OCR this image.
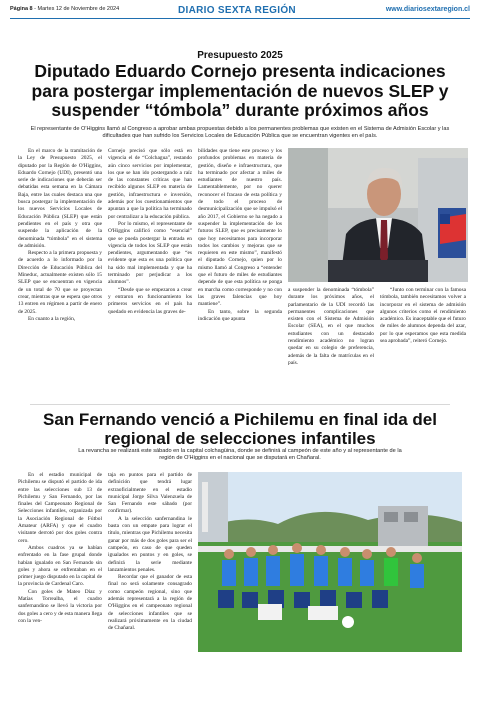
Página 8 - Martes 12 de Noviembre de 2024	DIARIO SEXTA REGIÓN	www.diariosextaregion.cl
Presupuesto 2025
Diputado Eduardo Cornejo presenta indicaciones para postergar implementación de nuevos SLEP y suspender “tómbola” durante próximos años
El representante de O'Higgins llamó al Congreso a aprobar ambas propuestas debido a los permanentes problemas que existen en el Sistema de Admisión Escolar y las dificultades que han sufrido los Servicios Locales de Educación Pública que se encuentran vigentes en el país.

En el marco de la tramitación de la Ley de Presupuesto 2025, el diputado por la Región de O'Higgins, Eduardo Cornejo (UDI), presentó una serie de indicaciones que deberán ser debatidas esta semana en la Cámara Baja, entre las cuales destaca una que busca postergar la implementación de los nuevos Servicios Locales de Educación Pública (SLEP) que están pendientes en el país y otra que suspende la aplicación de la denominada “tómbola” en el sistema de admisión.

Respecto a la primera propuesta y de acuerdo a lo informado por la Dirección de Educación Pública del Mineduc, actualmente existen sólo 15 SLEP que se encuentran en vigencia de un total de 70 que se proyectan crear, mientras que se espera que otros 13 entren en régimen a partir de enero de 2025.

En cuanto a la región,

Cornejo precisó que sólo está en vigencia el de “Colchagua”, restando aún cinco servicios por implementar, los que se han ido postergando a raíz de las constantes críticas que han recibido algunos SLEP en materia de gestión, infraestructura e inversión, además por los cuestionamientos que apuntan a que la política ha terminado por centralizar a la educación pública.

Por lo mismo, el representante de O'Higgins calificó como “esencial” que se pueda postergar la entrada en vigencia de todos los SLEP que están pendientes, argumentando que “es evidente que esta es una política que ha sido mal implementada y que ha terminado por perjudicar a los alumnos”.

“Desde que se empezaron a crear y entraron en funcionamiento los primeros servicios en el país ha quedado en evidencia las graves de-

bilidades que tiene este proceso y los profundos problemas en materia de gestión, diseño e infraestructura, que ha terminado por afectar a miles de estudiantes de nuestro país. Lamentablemente, por no querer reconocer el fracaso de esta política y de todo el proceso de desmunicipalización que se impulsó el año 2017, el Gobierno se ha negado a suspender la implementación de los futuros SLEP, que es precisamente lo que hoy necesitamos para incorporar todos los cambios y mejoras que se requieren en este mismo”, manifestó el diputado Cornejo, quien por lo mismo llamó al Congreso a “entender que el futuro de miles de estudiantes depende de que esta política se ponga en marcha como corresponde y no con las graves falencias que hoy mantiene”.

En tanto, sobre la segunda indicación que apunta

a suspender la denominada “tómbola” durante los próximos años, el parlamentario de la UDI recordó las permanentes complicaciones que existen con el Sistema de Admisión Escolar (SEA), en el que muchos estudiantes con un destacado rendimiento académico no logran quedar en su colegio de preferencia, además de la falta de matrículas en el país.

“Junto con terminar con la famosa tómbola, también necesitamos volver a incorporar en el sistema de admisión algunos criterios como el rendimiento académico. Es inaceptable que el futuro de miles de alumnos dependa del azar, por lo que esperamos que esta medida sea aprobada”, reiteró Cornejo.

San Fernando venció a Pichilemu en final ida del regional de selecciones infantiles
La revancha se realizará este sábado en la capital colchagüina, donde se definirá al campeón de este año y al representante de la región de O'Higgins en el nacional que se disputará en Chañaral.

En el estadio municipal de Pichilemu se disputó el partido de ida entre las selecciones sub 13 de Pichilemu y San Fernando, por las finales del Campeonato Regional de Selecciones infantiles, organizada por la Asociación Regional de Fútbol Amateur (ARFA) y que el cuadro visitante derrotó por dos goles contra cero.

Ambos cuadros ya se habían enfrentado en la fase grupal donde habían igualado en San Fernando sin goles y ahora se enfrentaban en el primer juego disputado en la capital de la provincia de Cardenal Caro.

Con goles de Mateo Díaz y Matías Torrealba, el cuadro sanfernandino se llevó la victoria por dos goles a cero y de esta manera llega con la ven-

taja en puntos para el partido de definición que tendrá lugar extraoficialmente en el estadio municipal Jorge Silva Valenzuela de San Fernando este sábado (por confirmar).

A la selección sanfernandina le basta con un empate para lograr el título, mientras que Pichilemu necesita ganar por más de dos goles para ser el campeón, en caso de que queden igualados en puntos y en goles, se definirá la serie mediante lanzamientos penales.

Recordar que el ganador de esta final no será solamente consagrado como campeón regional, sino que además representará a la región de O'Higgins en el campeonato regional de selecciones infantiles que se realizará próximamente en la ciudad de Chañaral.
